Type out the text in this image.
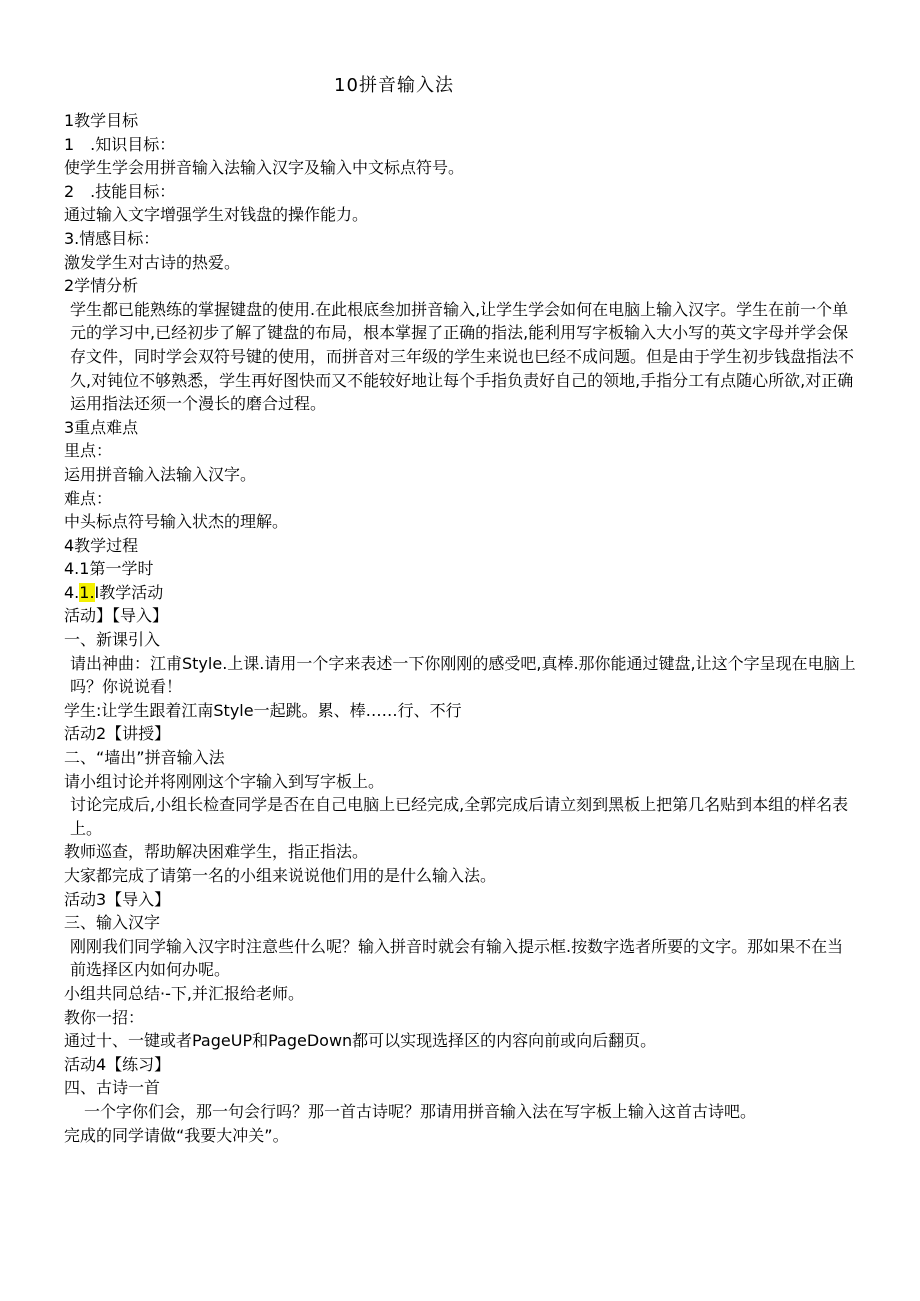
10拼音输入法
1教学目标
1　.知识目标：
使学生学会用拼音输入法输入汉字及输入中文标点符号。
2　.技能目标：
通过输入文字增强学生对钱盘的操作能力。
3.情感目标：
激发学生对古诗的热爱。
2学情分析
学生都已能熟练的掌握键盘的使用.在此根底叁加拼音输入,让学生学会如何在电脑上输入汉字。学生在前一个单元的学习中,已经初步了解了键盘的布局，根本掌握了正确的指法,能利用写字板输入大小写的英文字母并学会保存文件，同时学会双符号键的使用，而拼音对三年级的学生来说也巳经不成问题。但是由于学生初步钱盘指法不久,对钝位不够熟悉，学生再好图快而又不能较好地让每个手指负责好自己的领地,手指分工有点随心所欲,对正确运用指法还须一个漫长的磨合过程。
3重点难点
里点：
运用拼音输入法输入汉字。
难点：
中头标点符号输入状杰的理解。
4教学过程
4.1第一学时
4.1.I教学活动
活动】【导入】
一、新课引入
请出神曲：江甫Style.上课.请用一个字来表述一下你刚刚的感受吧,真棒.那你能通过键盘,让这个字呈现在电脑上吗？你说说看！
学生:让学生跟着江南Style一起跳。累、棒……行、不行
活动2【讲授】
二、“墙出”拼音输入法
请小组讨论并将刚刚这个字输入到写字板上。
讨论完成后,小组长检查同学是否在自己电脑上已经完成,全郭完成后请立刻到黑板上把第几名贴到本组的样名表上。
教师巡查，帮助解决困难学生，指正指法。
大家都完成了请第一名的小组来说说他们用的是什么输入法。
活动3【导入】
三、输入汉字
刚刚我们同学输入汉字时注意些什么呢？输入拼音时就会有输入提示框.按数字选者所要的文字。那如果不在当前选择区内如何办呢。
小组共同总结·-下,并汇报给老师。
教你一招：
通过十、一键或者PageUP和PageDown都可以实现选择区的内容向前或向后翻页。
活动4【练习】
四、古诗一首
一个字你们会，那一句会行吗？那一首古诗呢？那请用拼音输入法在写字板上输入这首古诗吧。
完成的同学请做“我要大冲关”。
